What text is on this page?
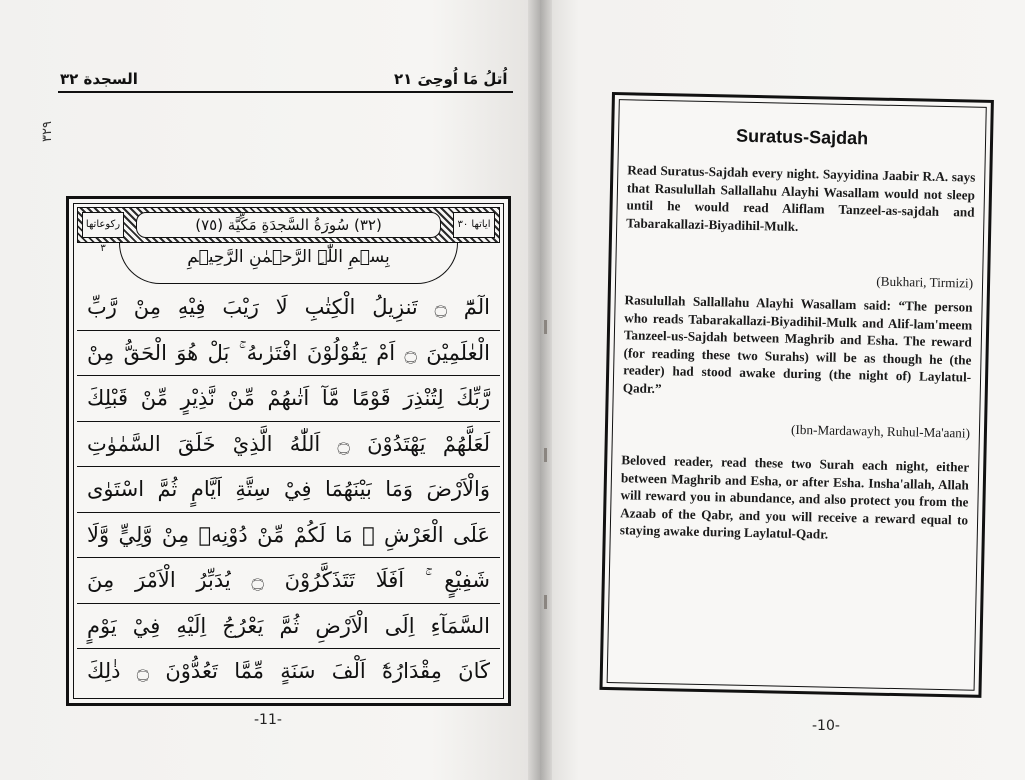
السجدة ٣٢	اُتلُ مَا اُوحِیَ ٢١
٣٢٩
رکوعاتها ٣
(٣٢) سُورَةُ السَّجدَةِ مَكِّيَّة (٧٥)	ایاتها ٣٠
بِسۡمِ اللّٰہِ الرَّحۡمٰنِ الرَّحِیۡمِ
الٓمّٓ ۝ تَنزِيلُ الْكِتٰبِ لَا رَيْبَ فِيْهِ مِنْ رَّبِّ
الْعٰلَمِيْنَ ۝ اَمْ يَقُوْلُوْنَ افْتَرٰىهُ ۚ بَلْ هُوَ الْحَقُّ مِنْ
رَّبِّكَ لِتُنْذِرَ قَوْمًا مَّآ اَتٰىهُمْ مِّنْ نَّذِيْرٍ مِّنْ قَبْلِكَ
لَعَلَّهُمْ يَهْتَدُوْنَ ۝ اَللّٰهُ الَّذِيْ خَلَقَ السَّمٰوٰتِ
وَالْاَرْضَ وَمَا بَيْنَهُمَا فِيْ سِتَّةِ اَيَّامٍ ثُمَّ اسْتَوٰى
عَلَى الْعَرْشِ ۚ مَا لَكُمْ مِّنْ دُوْنِهٖ مِنْ وَّلِيٍّ وَّلَا
شَفِيْعٍ ۚ اَفَلَا تَتَذَكَّرُوْنَ ۝ يُدَبِّرُ الْاَمْرَ مِنَ
السَّمَآءِ اِلَى الْاَرْضِ ثُمَّ يَعْرُجُ اِلَيْهِ فِيْ يَوْمٍ
كَانَ مِقْدَارُهٗٓ اَلْفَ سَنَةٍ مِّمَّا تَعُدُّوْنَ ۝ ذٰلِكَ
-11-
Suratus-Sajdah
Read Suratus-Sajdah every night. Sayyidina Jaabir R.A. says that Rasulullah Sallallahu Alayhi Wasallam would not sleep until he would read Aliflam Tanzeel-as-sajdah and Tabarakallazi-Biyadihil-Mulk.
(Bukhari, Tirmizi)
Rasulullah Sallallahu Alayhi Wasallam said: “The person who reads Tabarakallazi-Biyadihil-Mulk and Alif-lam'meem Tanzeel-us-Sajdah between Maghrib and Esha. The reward (for reading these two Surahs) will be as though he (the reader) had stood awake during (the night of) Laylatul-Qadr.”
(Ibn-Mardawayh, Ruhul-Ma'aani)
Beloved reader, read these two Surah each night, either between Maghrib and Esha, or after Esha. Insha'allah, Allah will reward you in abundance, and also protect you from the Azaab of the Qabr, and you will receive a reward equal to staying awake during Laylatul-Qadr.
-10-
